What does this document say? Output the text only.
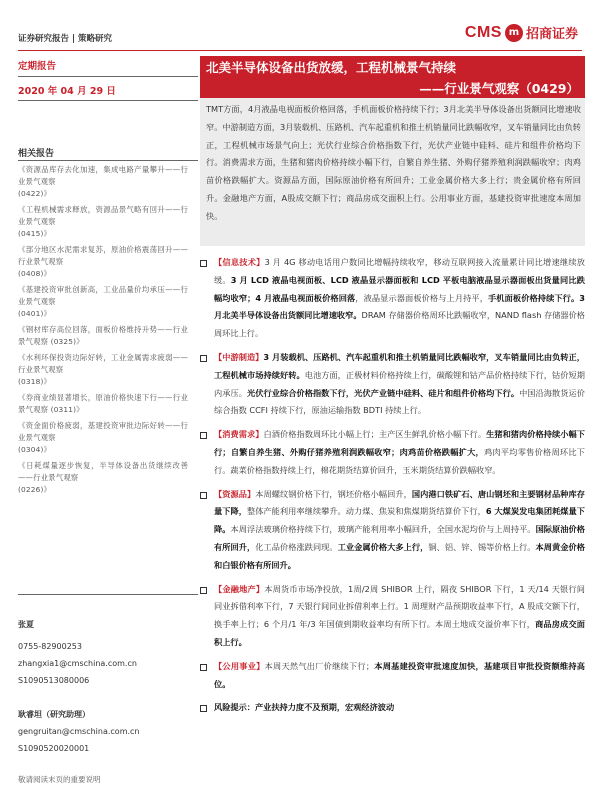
证券研究报告 | 策略研究	CMS m 招商证券
定期报告
2020 年 04 月 29 日
相关报告
《资源品库存去化加速，集成电路产量攀升——行业景气观察
(0422)》
《工程机械需求释放，资源品景气略有回升——行业景气观察
(0415)》
《部分地区水泥需求复苏，原油价格震荡回升——行业景气观察
(0408)》
《基建投资审批创新高，工业品量价均承压——行业景气观察
(0401)》
《钢材库存高位回落，面板价格维持升势——行业景气观察 (0325)》
《水利环保投资边际好转，工业金属需求疲弱——行业景气观察
(0318)》
《券商业绩显著增长，原油价格快速下行——行业景气观察 (0311)》
《资金面价格疲弱，基建投资审批边际好转——行业景气观察
(0304)》
《日耗煤量逐步恢复，半导体设备出货继续改善——行业景气观察
(0226)》
张夏
0755-82900253
zhangxia1@cmschina.com.cn
S1090513080006
耿睿坦（研究助理）
gengruitan@cmschina.com.cn
S1090520020001
北美半导体设备出货放缓，工程机械景气持续
——行业景气观察（0429）
TMT方面，4月液晶电视面板价格回落，手机面板价格持续下行；3月北美半导体设备出货额同比增速收窄。中游制造方面，3月装载机、压路机、汽车起重机和推土机销量同比跌幅收窄，叉车销量同比由负转正，工程机械市场景气向上；光伏行业综合价格指数下行，光伏产业链中硅料、硅片和组件价格均下行。消费需求方面，生猪和猪肉价格持续小幅下行，自繁自养生猪、外购仔猪养殖利润跌幅收窄；肉鸡苗价格跌幅扩大。资源品方面，国际原油价格有所回升；工业金属价格大多上行；贵金属价格有所回升。金融地产方面，A股成交额下行；商品房成交面积上行。公用事业方面，基建投资审批速度本周加快。
【信息技术】3 月 4G 移动电话用户数同比增幅持续收窄，移动互联网接入流量累计同比增速继续放缓。3 月 LCD 液晶电视面板、LCD 液晶显示器面板和 LCD 平板电脑液晶显示器面板出货量同比跌幅均收窄；4 月液晶电视面板价格回落，液晶显示器面板价格与上月持平，手机面板价格持续下行。3 月北美半导体设备出货额同比增速收窄。DRAM 存储器价格周环比跌幅收窄，NAND flash 存储器价格周环比上行。
【中游制造】3 月装载机、压路机、汽车起重机和推土机销量同比跌幅收窄，叉车销量同比由负转正，工程机械市场持续好转。电池方面，正极材料价格持续上行，碳酸锂和钴产品价格持续下行，钴价短期内承压。光伏行业综合价格指数下行，光伏产业链中硅料、硅片和组件价格均下行。中国沿海散货运价综合指数 CCFI 持续下行，原油运输指数 BDTI 持续上行。
【消费需求】白酒价格指数周环比小幅上行；主产区生鲜乳价格小幅下行。生猪和猪肉价格持续小幅下行；自繁自养生猪、外购仔猪养殖利润跌幅收窄；肉鸡苗价格跌幅扩大，鸡肉平均零售价格周环比下行。蔬菜价格指数持续上行，棉花期货结算价回升，玉米期货结算价跌幅收窄。
【资源品】本周螺纹钢价格下行，钢坯价格小幅回升，国内港口铁矿石、唐山钢坯和主要钢材品种库存量下降，整体产能利用率继续攀升。动力煤、焦炭和焦煤期货结算价下行，6 大煤炭发电集团耗煤量下降。本周浮法玻璃价格持续下行，玻璃产能利用率小幅回升，全国水泥均价与上周持平。国际原油价格有所回升，化工品价格涨跌同现。工业金属价格大多上行，铜、铝、锌、锡等价格上行。本周黄金价格和白银价格有所回升。
【金融地产】本周货币市场净投放，1周/2周 SHIBOR 上行，隔夜 SHIBOR 下行，1 天/14 天银行间同业拆借利率下行，7 天银行间同业拆借利率上行。1 周理财产品预期收益率下行，A 股成交额下行，换手率上行；6 个月/1 年/3 年国债到期收益率均有所下行。本周土地成交溢价率下行，商品房成交面积上行。
【公用事业】本周天然气出厂价继续下行；本周基建投资审批速度加快，基建项目审批投资额维持高位。
风险提示：产业扶持力度不及预期，宏观经济波动
敬请阅读末页的重要说明
